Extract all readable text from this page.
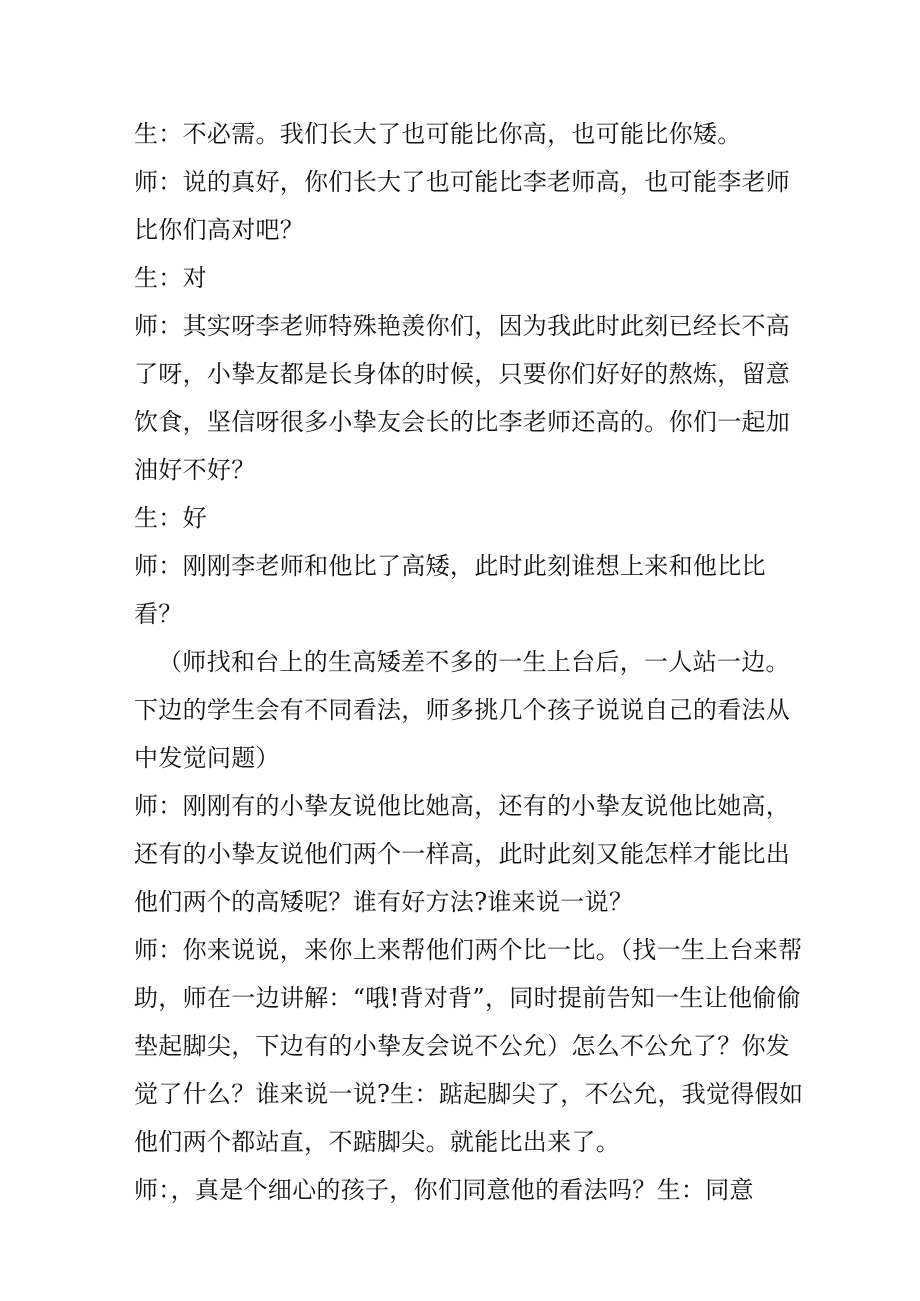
生：不必需。我们长大了也可能比你高，也可能比你矮。

师：说的真好，你们长大了也可能比李老师高，也可能李老师比你们高对吧？

生：对

师：其实呀李老师特殊艳羡你们，因为我此时此刻已经长不高了呀，小挚友都是长身体的时候，只要你们好好的熬炼，留意饮食，坚信呀很多小挚友会长的比李老师还高的。你们一起加油好不好？

生：好

师：刚刚李老师和他比了高矮，此时此刻谁想上来和他比比看？

（师找和台上的生高矮差不多的一生上台后，一人站一边。下边的学生会有不同看法，师多挑几个孩子说说自己的看法从中发觉问题）

师：刚刚有的小挚友说他比她高，还有的小挚友说他比她高，还有的小挚友说他们两个一样高，此时此刻又能怎样才能比出他们两个的高矮呢？谁有好方法?谁来说一说？

师：你来说说，来你上来帮他们两个比一比。（找一生上台来帮助，师在一边讲解：“哦!背对背”，同时提前告知一生让他偷偷垫起脚尖，下边有的小挚友会说不公允）怎么不公允了？你发觉了什么？谁来说一说?生：踮起脚尖了，不公允，我觉得假如他们两个都站直，不踮脚尖。就能比出来了。

师：，真是个细心的孩子，你们同意他的看法吗？生：同意
